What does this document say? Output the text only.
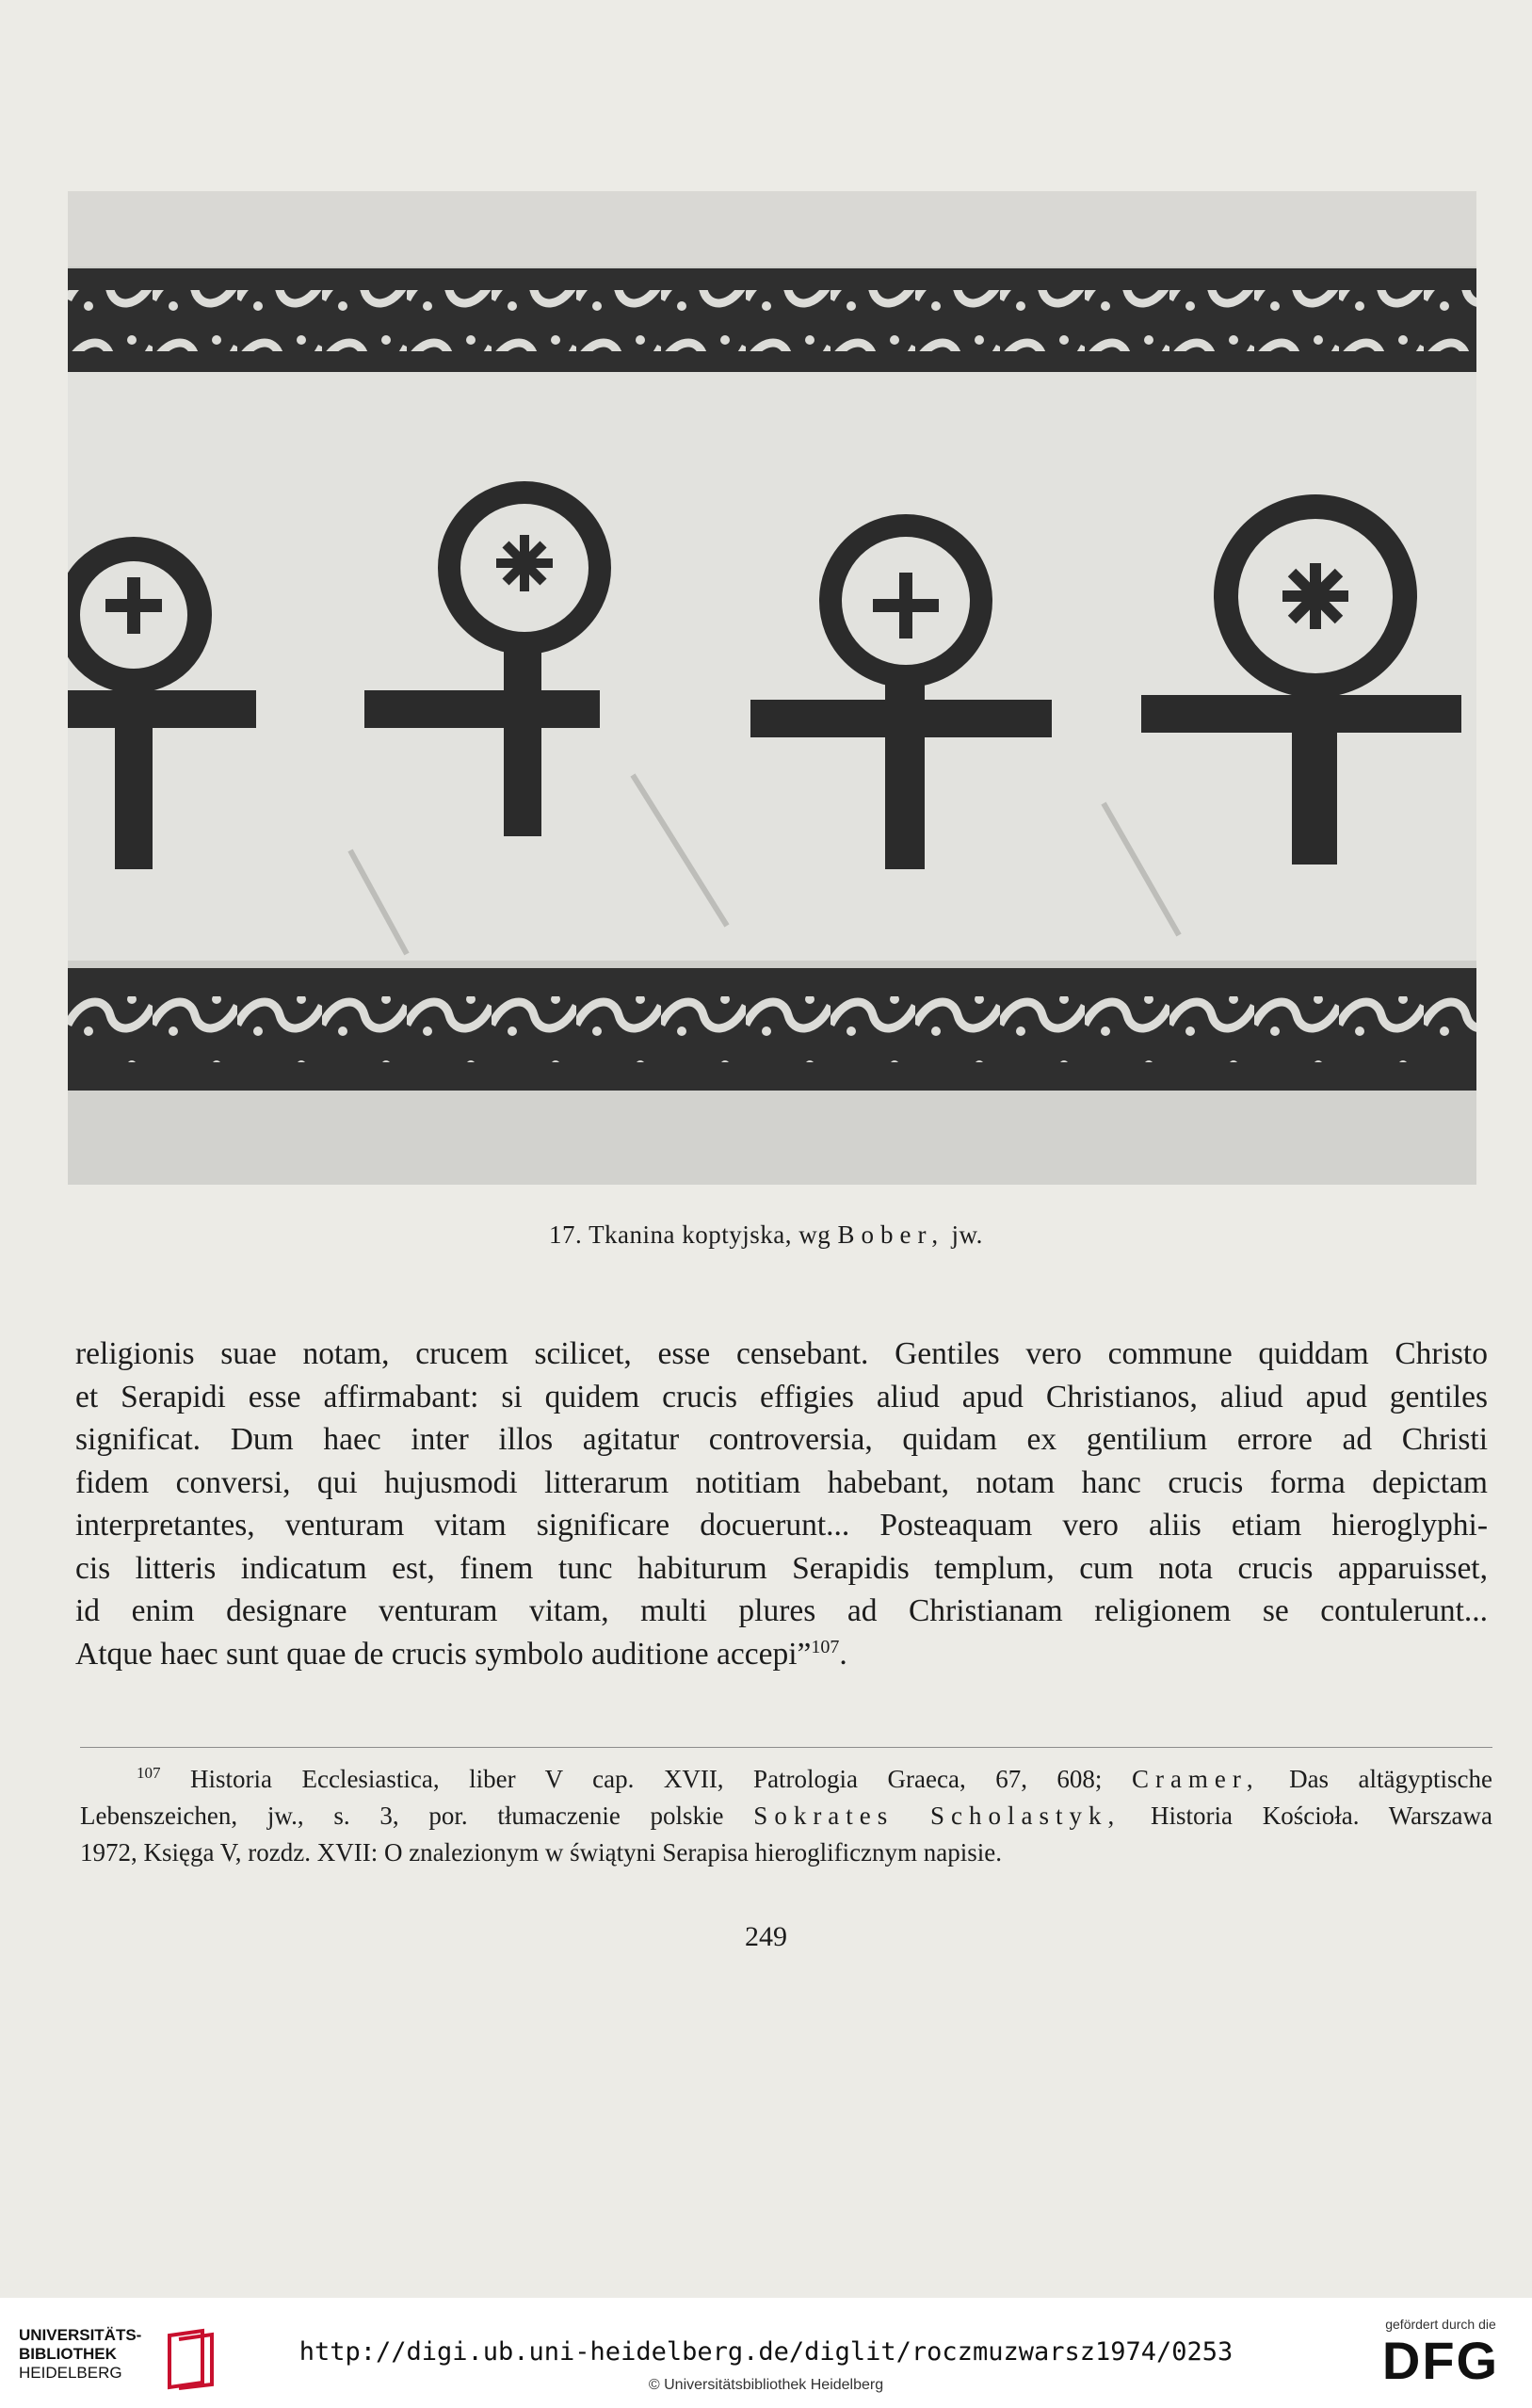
17. Tkanina koptyjska, wg Bober, jw.
religionis suae notam, crucem scilicet, esse censebant. Gentiles vero commune quiddam Christo
et Serapidi esse affirmabant: si quidem crucis effigies aliud apud Christianos, aliud apud gentiles
significat. Dum haec inter illos agitatur controversia, quidam ex gentilium errore ad Christi
fidem conversi, qui hujusmodi litterarum notitiam habebant, notam hanc crucis forma depictam
interpretantes, venturam vitam significare docuerunt... Posteaquam vero aliis etiam hieroglyphi-
cis litteris indicatum est, finem tunc habiturum Serapidis templum, cum nota crucis apparuisset,
id enim designare venturam vitam, multi plures ad Christianam religionem se contulerunt...
Atque haec sunt quae de crucis symbolo auditione accepi”$^{107}$.
$^{107}$ Historia Ecclesiastica, liber V cap. XVII, Patrologia Graeca, 67, 608; Cramer, Das altägyptische
Lebenszeichen, jw., s. 3, por. tłumaczenie polskie Sokrates Scholastyk, Historia Kościoła. Warszawa
1972, Księga V, rozdz. XVII: O znalezionym w świątyni Serapisa hieroglificznym napisie.
249
UNIVERSITÄTS-
BIBLIOTHEK
HEIDELBERG
http://digi.ub.uni-heidelberg.de/diglit/roczmuzwarsz1974/0253
© Universitätsbibliothek Heidelberg
gefördert durch die
DFG
